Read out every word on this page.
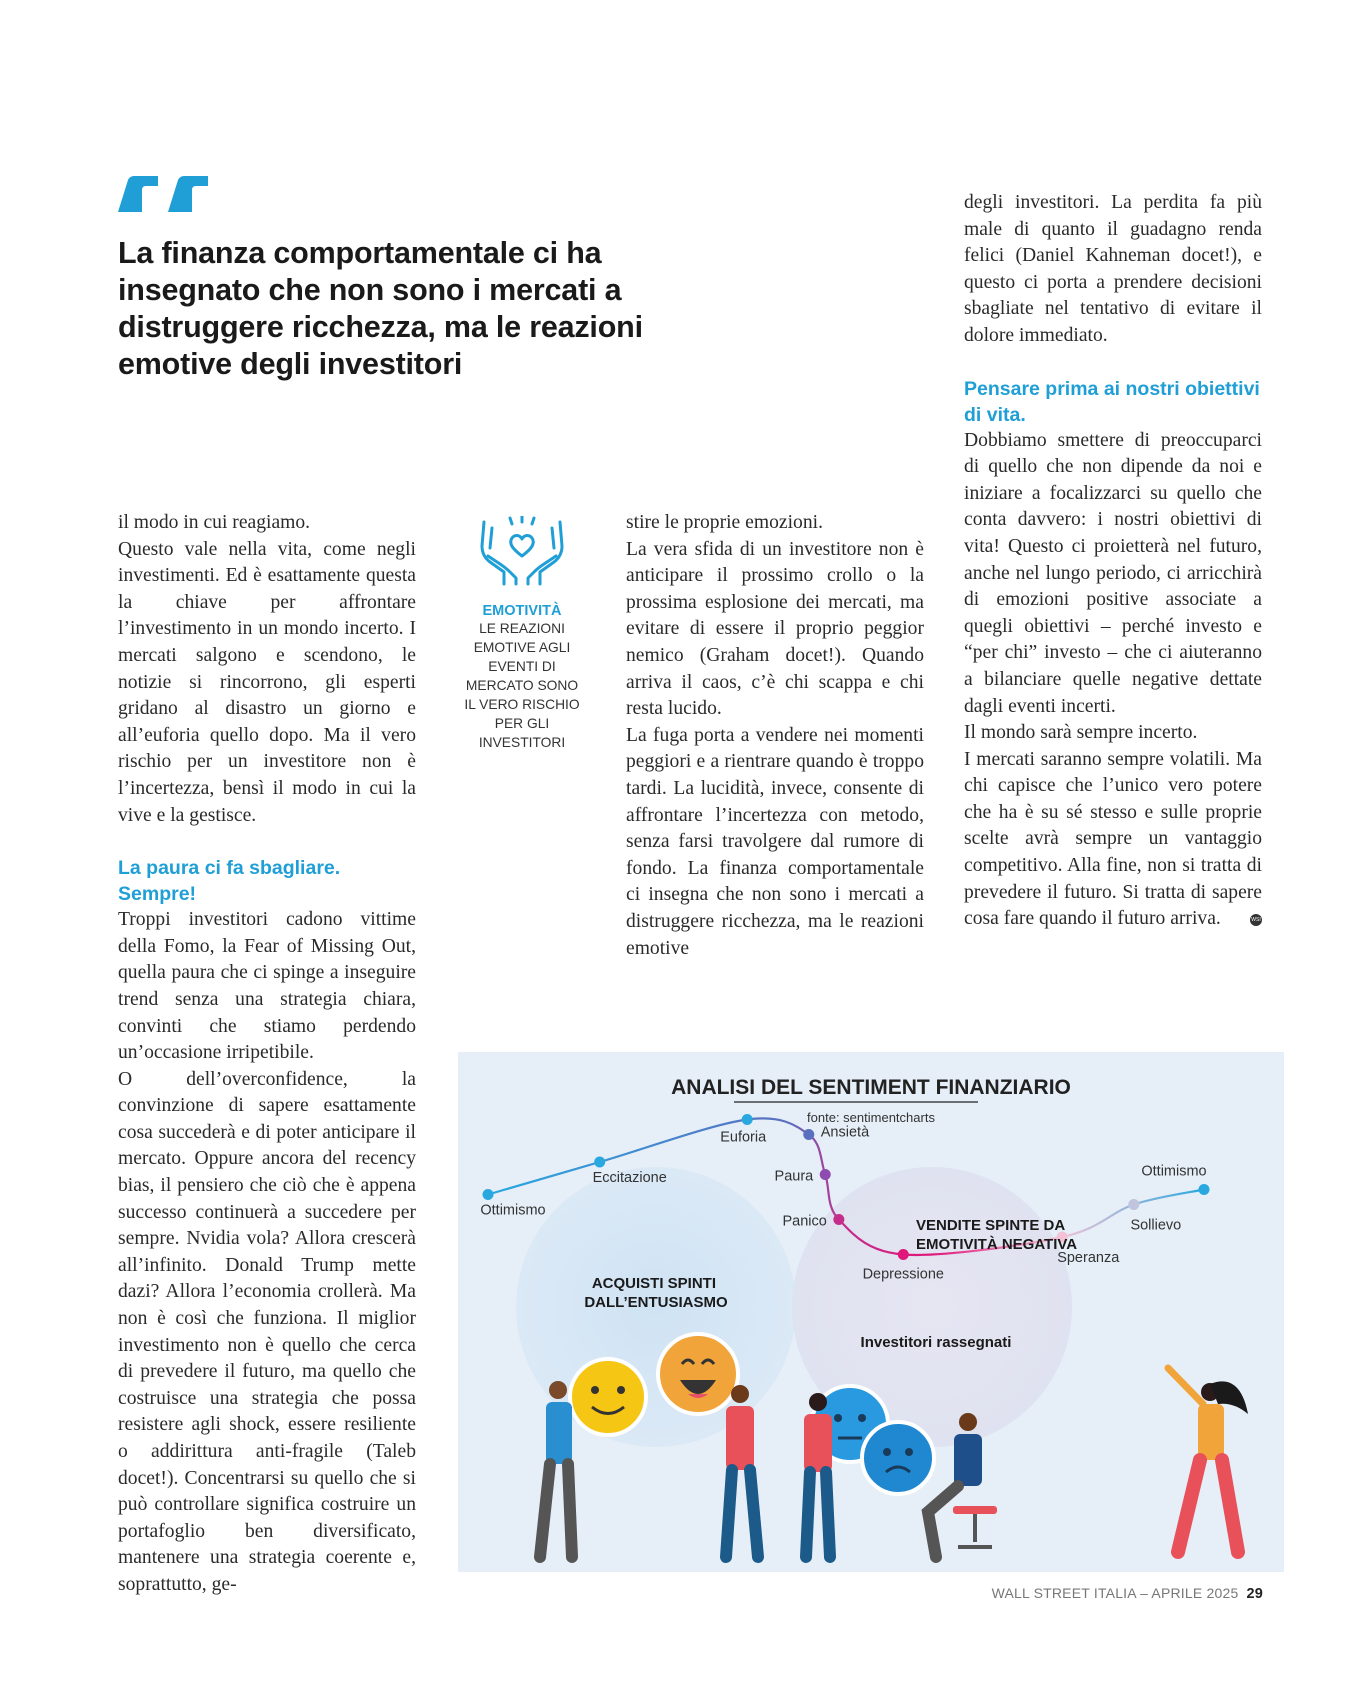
La finanza comportamentale ci ha insegnato che non sono i mercati a distruggere ricchezza, ma le reazioni emotive degli investitori

il modo in cui reagiamo.

Questo vale nella vita, come negli investimenti. Ed è esattamente questa la chiave per affrontare l’investimento in un mondo incerto. I mercati salgono e scendono, le notizie si rincorrono, gli esperti gridano al disastro un giorno e all’euforia quello dopo. Ma il vero rischio per un investitore non è l’incertezza, bensì il modo in cui la vive e la gestisce.

La paura ci fa sbagliare. Sempre!

Troppi investitori cadono vittime della Fomo, la Fear of Missing Out, quella paura che ci spinge a inseguire trend senza una strategia chiara, convinti che stiamo perdendo un’occasione irripetibile.

O dell’overconfidence, la convinzione di sapere esattamente cosa succederà e di poter anticipare il mercato. Oppure ancora del recency bias, il pensiero che ciò che è appena successo continuerà a succedere per sempre. Nvidia vola? Allora crescerà all’infinito. Donald Trump mette dazi? Allora l’economia crollerà. Ma non è così che funziona. Il miglior investimento non è quello che cerca di prevedere il futuro, ma quello che costruisce una strategia che possa resistere agli shock, essere resiliente o addirittura anti-fragile (Taleb docet!). Concentrarsi su quello che si può controllare significa costruire un portafoglio ben diversificato, mantenere una strategia coerente e, soprattutto, ge-

EMOTIVITÀ
LE REAZIONI EMOTIVE AGLI EVENTI DI MERCATO SONO IL VERO RISCHIO PER GLI INVESTITORI

stire le proprie emozioni.

La vera sfida di un investitore non è anticipare il prossimo crollo o la prossima esplosione dei mercati, ma evitare di essere il proprio peggior nemico (Graham docet!). Quando arriva il caos, c’è chi scappa e chi resta lucido.

La fuga porta a vendere nei momenti peggiori e a rientrare quando è troppo tardi. La lucidità, invece, consente di affrontare l’incertezza con metodo, senza farsi travolgere dal rumore di fondo. La finanza comportamentale ci insegna che non sono i mercati a distruggere ricchezza, ma le reazioni emotive

degli investitori. La perdita fa più male di quanto il guadagno renda felici (Daniel Kahneman docet!), e questo ci porta a prendere decisioni sbagliate nel tentativo di evitare il dolore immediato.

Pensare prima ai nostri obiettivi di vita.

Dobbiamo smettere di preoccuparci di quello che non dipende da noi e iniziare a focalizzarci su quello che conta davvero: i nostri obiettivi di vita! Questo ci proietterà nel futuro, anche nel lungo periodo, ci arricchirà di emozioni positive associate a quegli obiettivi – perché investo e “per chi” investo – che ci aiuteranno a bilanciare quelle negative dettate dagli eventi incerti.

Il mondo sarà sempre incerto.

I mercati saranno sempre volatili. Ma chi capisce che l’unico vero potere che ha è su sé stesso e sulle proprie scelte avrà sempre un vantaggio competitivo. Alla fine, non si tratta di prevedere il futuro. Si tratta di sapere cosa fare quando il futuro arriva.	WSI

ANALISI DEL SENTIMENT FINANZIARIO
fonte: sentimentcharts
Ottimismo
Eccitazione
Euforia	Ansietà
Paura
Panico
Depressione
Speranza
Sollievo
Ottimismo
ACQUISTI SPINTI DALL’ENTUSIASMO
VENDITE SPINTE DA EMOTIVITÀ NEGATIVA
Investitori rassegnati
WALL STREET ITALIA – APRILE 2025 29
